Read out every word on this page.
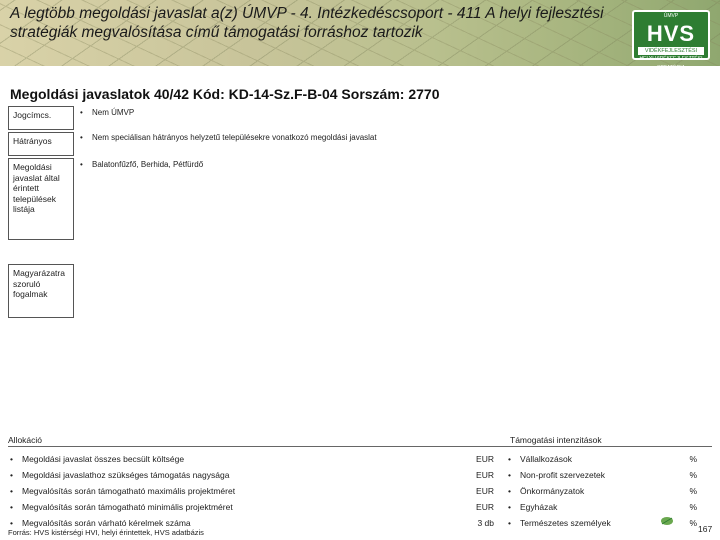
A legtöbb megoldási javaslat a(z) ÚMVP - 4. Intézkedéscsoport - 411 A helyi fejlesztési stratégiák megvalósítása című támogatási forráshoz tartozik
ÚMVP
HVS
VIDÉKFEJLESZTÉSI
HELYI VIDÉKFEJLESZTÉSI STRATÉGIA
Megoldási javaslatok 40/42 Kód: KD-14-Sz.F-B-04 Sorszám: 2770
Jogcímcs.	• Nem ÚMVP
Hátrányos	• Nem speciálisan hátrányos helyzetű településekre vonatkozó megoldási javaslat
Megoldási javaslat által érintett települések listája
• Balatonfűzfő, Berhida, Pétfürdő
Magyarázatra szoruló fogalmak
Allokáció	Támogatási intenzitások
• Megoldási javaslat összes becsült költsége	EUR
• Megoldási javaslathoz szükséges támogatás nagysága	EUR
• Megvalósítás során támogatható maximális projektméret	EUR
• Megvalósítás során támogatható minimális projektméret	EUR
• Megvalósítás során várható kérelmek száma	3 db
• Vállalkozások	%
• Non-profit szervezetek	%
• Önkormányzatok	%
• Egyházak	%
• Természetes személyek	%
Forrás: HVS kistérségi HVI, helyi érintettek, HVS adatbázis	167
